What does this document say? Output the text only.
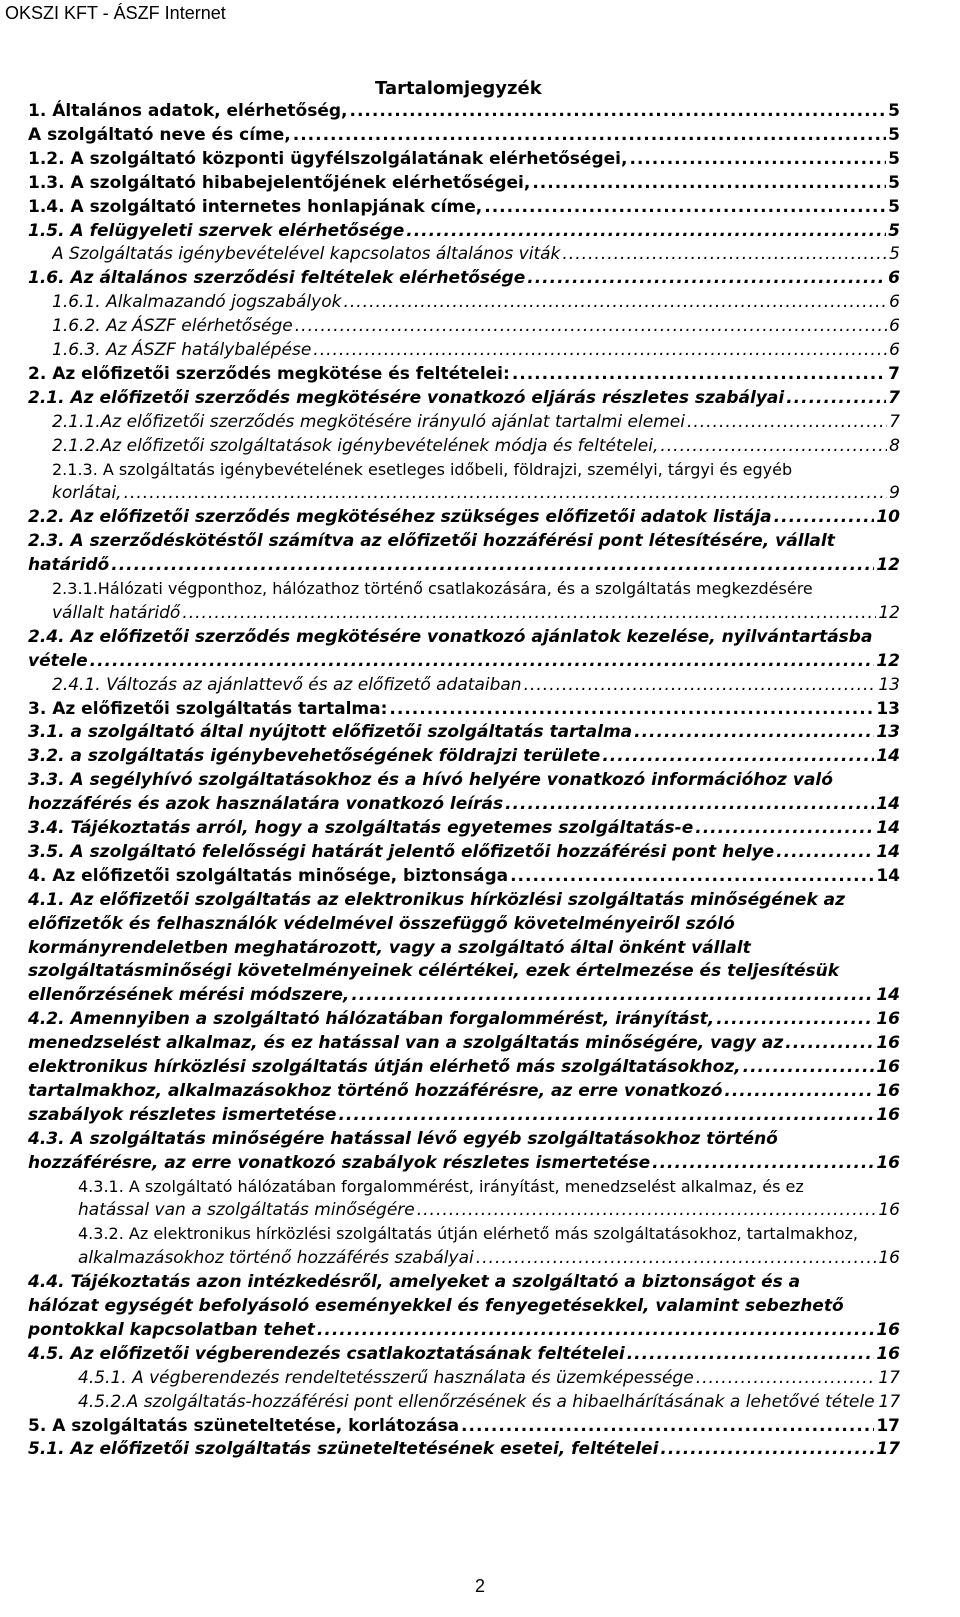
OKSZI KFT - ÁSZF Internet
Tartalomjegyzék
1. Általános adatok, elérhetőség, .....	5
A szolgáltató neve és címe, .....	5
1.2. A szolgáltató központi ügyfélszolgálatának elérhetőségei, .....	5
1.3. A szolgáltató hibabejelentőjének elérhetőségei, .....	5
1.4. A szolgáltató internetes honlapjának címe, .....	5
1.5. A felügyeleti szervek elérhetősége .....	5
A Szolgáltatás igénybevételével kapcsolatos általános viták .....	5
1.6. Az általános szerződési feltételek elérhetősége .....	6
1.6.1. Alkalmazandó jogszabályok .....	6
1.6.2. Az ÁSZF elérhetősége .....	6
1.6.3. Az ÁSZF hatálybalépése .....	6
2. Az előfizetői szerződés megkötése és feltételei: .....	7
2.1. Az előfizetői szerződés megkötésére vonatkozó eljárás részletes szabályai .....	7
2.1.1.Az előfizetői szerződés megkötésére irányuló ajánlat tartalmi elemei .....	7
2.1.2.Az előfizetői szolgáltatások igénybevételének módja és feltételei, .....	8
2.1.3. A szolgáltatás igénybevételének esetleges időbeli, földrajzi, személyi, tárgyi és egyéb
korlátai, .....	9
2.2. Az előfizetői szerződés megkötéséhez szükséges előfizetői adatok listája .....	10
2.3. A szerződéskötéstől számítva az előfizetői hozzáférési pont létesítésére, vállalt
határidő .....	12
2.3.1.Hálózati végponthoz, hálózathoz történő csatlakozására, és a szolgáltatás megkezdésére
vállalt határidő .....	12
2.4. Az előfizetői szerződés megkötésére vonatkozó ajánlatok kezelése, nyilvántartásba
vétele .....	12
2.4.1. Változás az ajánlattevő és az előfizető adataiban .....	13
3. Az előfizetői szolgáltatás tartalma: .....	13
3.1. a szolgáltató által nyújtott előfizetői szolgáltatás tartalma .....	13
3.2. a szolgáltatás igénybevehetőségének földrajzi területe .....	14
3.3. A segélyhívó szolgáltatásokhoz és a hívó helyére vonatkozó információhoz való
hozzáférés és azok használatára vonatkozó leírás .....	14
3.4. Tájékoztatás arról, hogy a szolgáltatás egyetemes szolgáltatás-e .....	14
3.5. A szolgáltató felelősségi határát jelentő előfizetői hozzáférési pont helye .....	14
4. Az előfizetői szolgáltatás minősége, biztonsága .....	14
4.1. Az előfizetői szolgáltatás az elektronikus hírközlési szolgáltatás minőségének az
előfizetők és felhasználók védelmével összefüggő követelményeiről szóló
kormányrendeletben meghatározott, vagy a szolgáltató által önként vállalt
szolgáltatásminőségi követelményeinek célértékei, ezek értelmezése és teljesítésük
ellenőrzésének mérési módszere, .....	14
4.2. Amennyiben a szolgáltató hálózatában forgalommérést, irányítást, .....	16
menedzselést alkalmaz, és ez hatással van a szolgáltatás minőségére, vagy az .....	16
elektronikus hírközlési szolgáltatás útján elérhető más szolgáltatásokhoz, .....	16
tartalmakhoz, alkalmazásokhoz történő hozzáférésre, az erre vonatkozó .....	16
szabályok részletes ismertetése .....	16
4.3. A szolgáltatás minőségére hatással lévő egyéb szolgáltatásokhoz történő
hozzáférésre, az erre vonatkozó szabályok részletes ismertetése .....	16
4.3.1. A szolgáltató hálózatában forgalommérést, irányítást, menedzselést alkalmaz, és ez
hatással van a szolgáltatás minőségére .....	16
4.3.2. Az elektronikus hírközlési szolgáltatás útján elérhető más szolgáltatásokhoz, tartalmakhoz,
alkalmazásokhoz történő hozzáférés szabályai .....	16
4.4. Tájékoztatás azon intézkedésről, amelyeket a szolgáltató a biztonságot és a
hálózat egységét befolyásoló eseményekkel és fenyegetésekkel, valamint sebezhető
pontokkal kapcsolatban tehet .....	16
4.5. Az előfizetői végberendezés csatlakoztatásának feltételei .....	16
4.5.1. A végberendezés rendeltetésszerű használata és üzemképessége .....	17
4.5.2.A szolgáltatás-hozzáférési pont ellenőrzésének és a hibaelhárításának a lehetővé tétele 17
5. A szolgáltatás szüneteltetése, korlátozása .....	17
5.1. Az előfizetői szolgáltatás szüneteltetésének esetei, feltételei .....	17
2
